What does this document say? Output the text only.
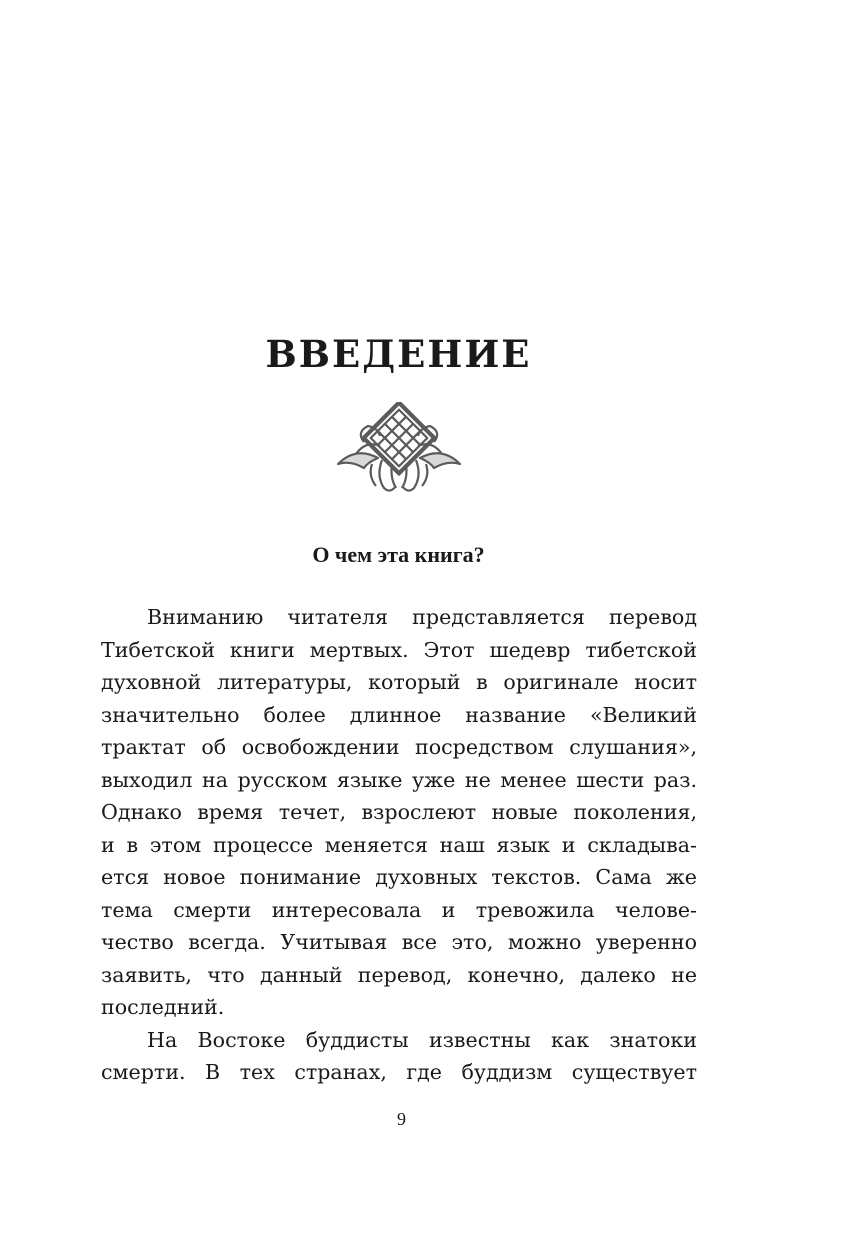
ВВЕДЕНИЕ
О чем эта книга?
Вниманию читателя представляется перевод
Тибетской книги мертвых. Этот шедевр тибетской
духовной литературы, который в оригинале носит
значительно более длинное название «Великий
трактат об освобождении посредством слушания»,
выходил на русском языке уже не менее шести раз.
Однако время течет, взрослеют новые поколения,
и в этом процессе меняется наш язык и складыва-
ется новое понимание духовных текстов. Сама же
тема смерти интересовала и тревожила челове-
чество всегда. Учитывая все это, можно уверенно
заявить, что данный перевод, конечно, далеко не
последний.
На Востоке буддисты известны как знатоки
смерти. В тех странах, где буддизм существует
9
